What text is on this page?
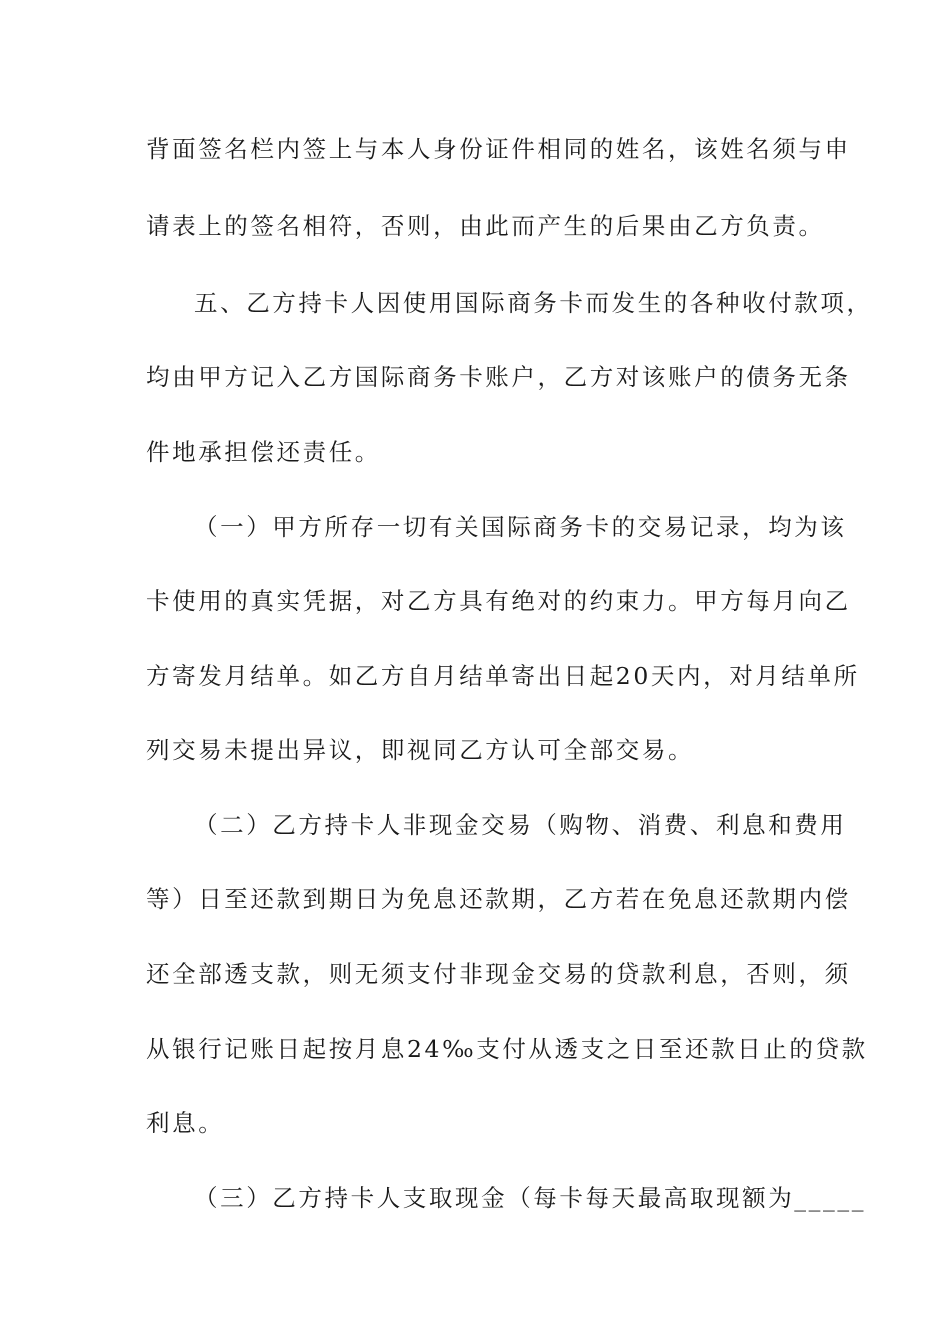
背面签名栏内签上与本人身份证件相同的姓名，该姓名须与申
请表上的签名相符，否则，由此而产生的后果由乙方负责。
五、乙方持卡人因使用国际商务卡而发生的各种收付款项，
均由甲方记入乙方国际商务卡账户，乙方对该账户的债务无条
件地承担偿还责任。
（一）甲方所存一切有关国际商务卡的交易记录，均为该
卡使用的真实凭据，对乙方具有绝对的约束力。甲方每月向乙
方寄发月结单。如乙方自月结单寄出日起20天内，对月结单所
列交易未提出异议，即视同乙方认可全部交易。
（二）乙方持卡人非现金交易（购物、消费、利息和费用
等）日至还款到期日为免息还款期，乙方若在免息还款期内偿
还全部透支款，则无须支付非现金交易的贷款利息，否则，须
从银行记账日起按月息24‰支付从透支之日至还款日止的贷款
利息。
（三）乙方持卡人支取现金（每卡每天最高取现额为_____
